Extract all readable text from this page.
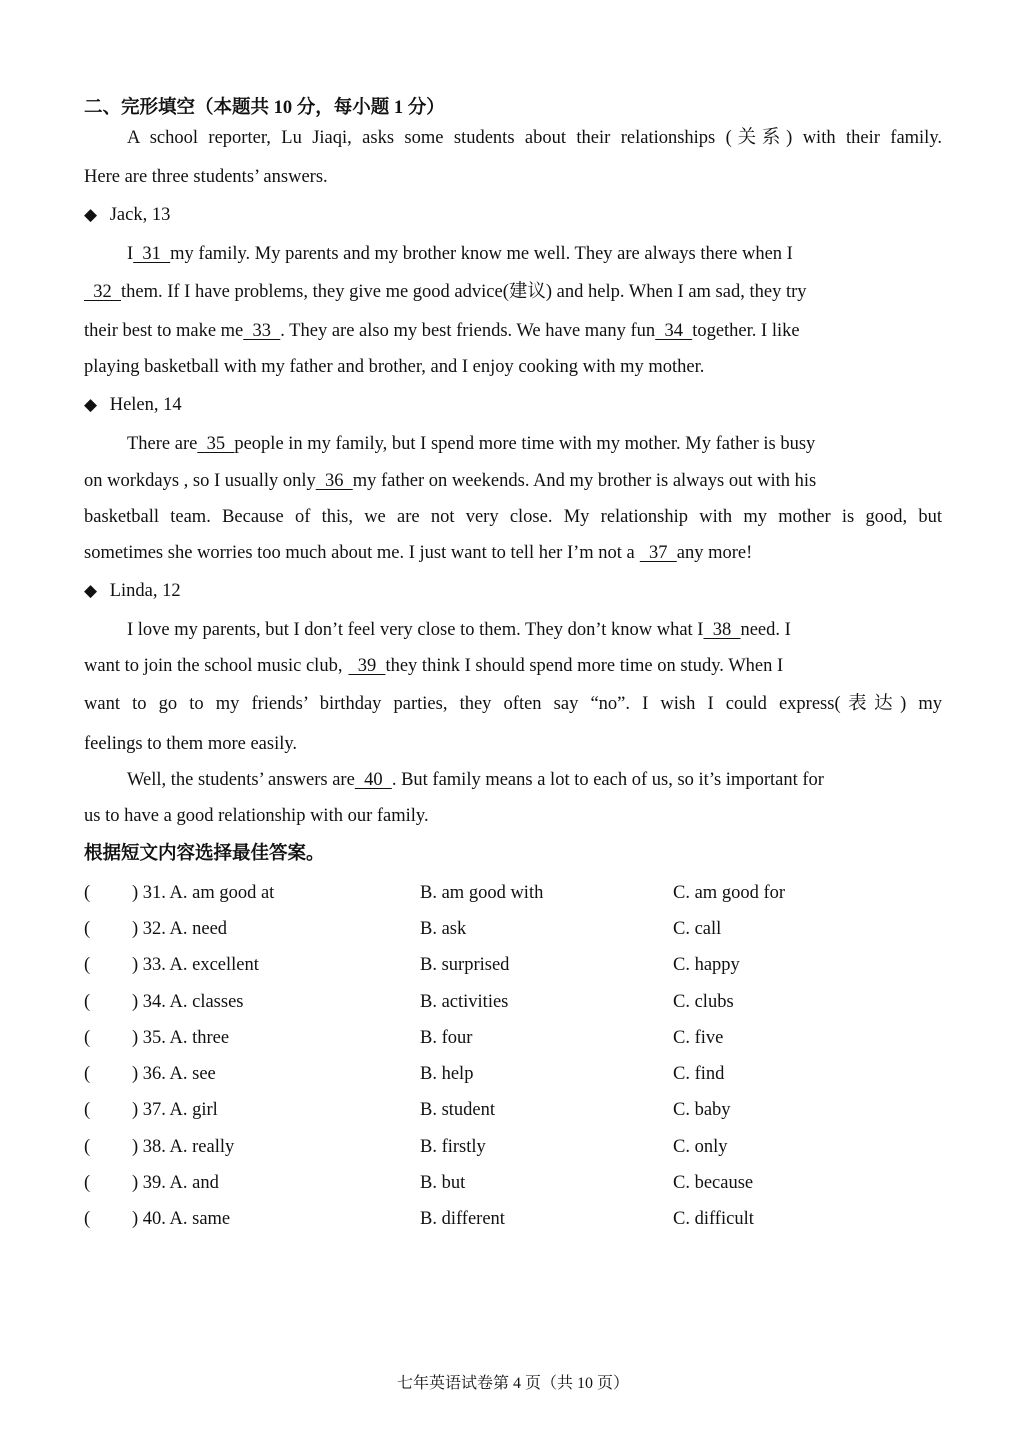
二、完形填空（本题共 10 分，每小题 1 分）
A school reporter, Lu Jiaqi, asks some students about their relationships (关系) with their family.
Here are three students’ answers.
◆ Jack, 13
I  31  my family. My parents and my brother know me well. They are always there when I
32  them. If I have problems, they give me good advice(建议) and help. When I am sad, they try
their best to make me  33  . They are also my best friends. We have many fun  34  together. I like
playing basketball with my father and brother, and I enjoy cooking with my mother.
◆ Helen, 14
There are  35  people in my family, but I spend more time with my mother. My father is busy
on workdays , so I usually only  36  my father on weekends. And my brother is always out with his
basketball team. Because of this, we are not very close. My relationship with my mother is good, but
sometimes she worries too much about me. I just want to tell her I’m not a  37  any more!
◆ Linda, 12
I love my parents, but I don’t feel very close to them. They don’t know what I  38  need. I
want to join the school music club,  39  they think I should spend more time on study. When I
want to go to my friends’ birthday parties, they often say “no”. I wish I could express(表达) my
feelings to them more easily.
Well, the students’ answers are  40  . But family means a lot to each of us, so it’s important for
us to have a good relationship with our family.
根据短文内容选择最佳答案。
( ) 31. A. am good at	B. am good with	C. am good for
( ) 32. A. need	B. ask	C. call
( ) 33. A. excellent	B. surprised	C. happy
( ) 34. A. classes	B. activities	C. clubs
( ) 35. A. three	B. four	C. five
( ) 36. A. see	B. help	C. find
( ) 37. A. girl	B. student	C. baby
( ) 38. A. really	B. firstly	C. only
( ) 39. A. and	B. but	C. because
( ) 40. A. same	B. different	C. difficult
七年英语试卷第 4 页（共 10 页）
